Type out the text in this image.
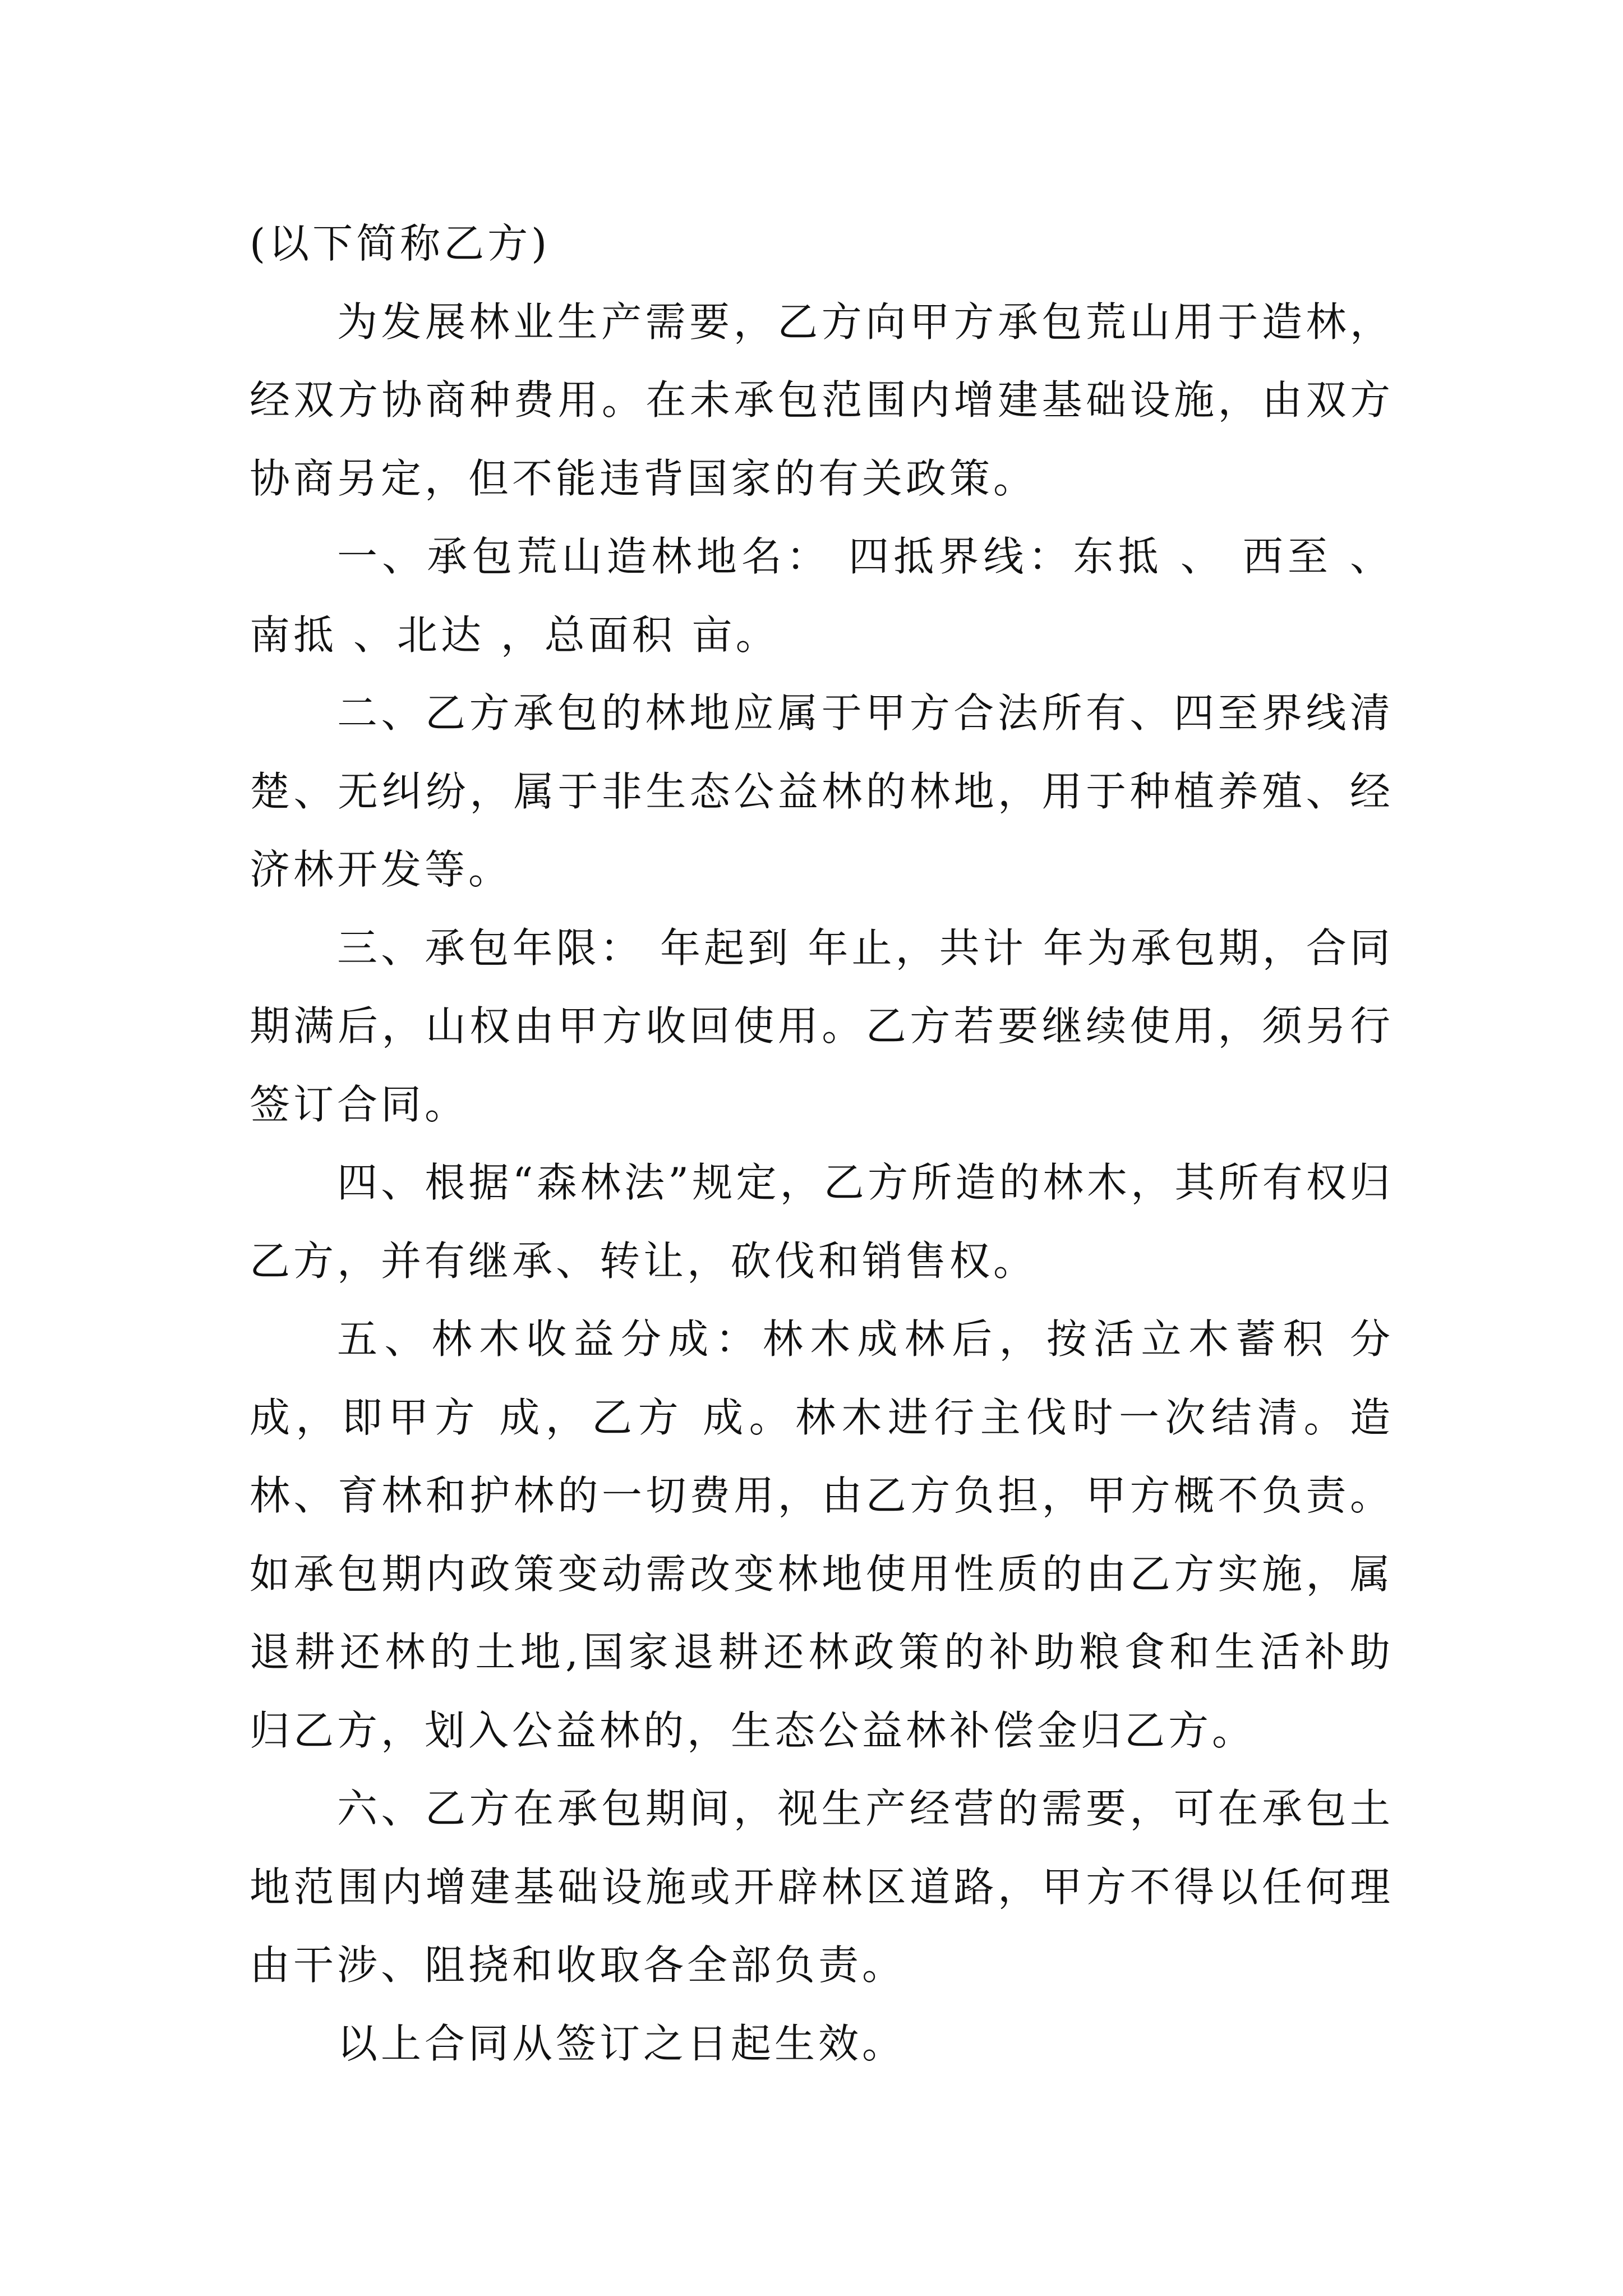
(以下简称乙方)

为发展林业生产需要，乙方向甲方承包荒山用于造林，经双方协商种费用。在未承包范围内增建基础设施，由双方协商另定，但不能违背国家的有关政策。

一、承包荒山造林地名： 四抵界线：东抵 、 西至 、南抵 、北达 ，总面积 亩。

二、乙方承包的林地应属于甲方合法所有、四至界线清楚、无纠纷，属于非生态公益林的林地，用于种植养殖、经济林开发等。

三、承包年限： 年起到 年止，共计 年为承包期，合同期满后，山权由甲方收回使用。乙方若要继续使用，须另行签订合同。

四、根据“森林法”规定，乙方所造的林木，其所有权归乙方，并有继承、转让，砍伐和销售权。

五、林木收益分成：林木成林后，按活立木蓄积 分成，即甲方 成，乙方 成。林木进行主伐时一次结清。造林、育林和护林的一切费用，由乙方负担，甲方概不负责。如承包期内政策变动需改变林地使用性质的由乙方实施，属退耕还林的土地,国家退耕还林政策的补助粮食和生活补助归乙方，划入公益林的，生态公益林补偿金归乙方。

六、乙方在承包期间，视生产经营的需要，可在承包土地范围内增建基础设施或开辟林区道路，甲方不得以任何理由干涉、阻挠和收取各全部负责。

以上合同从签订之日起生效。
